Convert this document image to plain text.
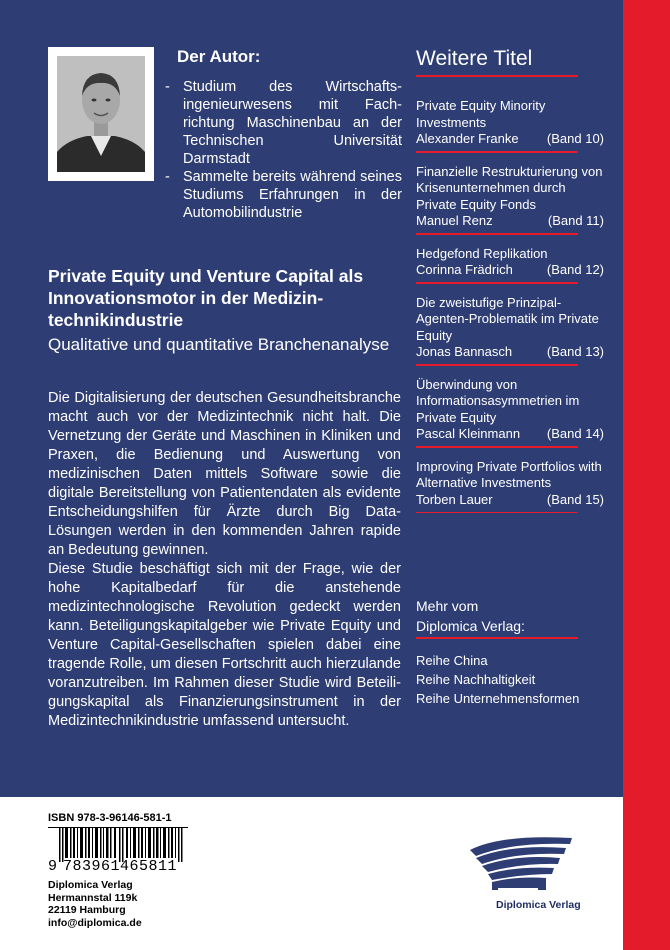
Der Autor:
- Studium des Wirtschaftsingenieurwesens mit Fachrichtung Maschinenbau an der Technischen Universität Darmstadt
- Sammelte bereits während seines Studiums Erfahrungen in der Automobilindustrie
Private Equity und Venture Capital als Innovationsmotor in der Medizintechnikindustrie

Qualitative und quantitative Branchenanalyse

Die Digitalisierung der deutschen Gesundheitsbranche macht auch vor der Medizintechnik nicht halt. Die Vernetzung der Geräte und Maschinen in Kliniken und Praxen, die Bedienung und Auswertung von medizinischen Daten mittels Software sowie die digitale Bereitstellung von Patientendaten als evidente Entscheidungshilfen für Ärzte durch Big Data-Lösungen werden in den kommenden Jahren rapide an Bedeutung gewinnen.

Diese Studie beschäftigt sich mit der Frage, wie der hohe Kapitalbedarf für die anstehende medizintechnologische Revolution gedeckt werden kann. Beteiligungskapitalgeber wie Private Equity und Venture Capital-Gesellschaften spielen dabei eine tragende Rolle, um diesen Fortschritt auch hierzulande voranzutreiben. Im Rahmen dieser Studie wird Beteiligungskapital als Finanzierungsinstrument in der Medizintechnikindustrie umfassend untersucht.

Weitere Titel
Private Equity Minority Investments
Alexander Franke (Band 10)
Finanzielle Restrukturierung von Krisenunternehmen durch Private Equity Fonds
Manuel Renz	(Band 11)
Hedgefond Replikation
Corinna Frädrich	(Band 12)
Die zweistufige Prinzipal-Agenten-Problematik im Private Equity
Jonas Bannasch	(Band 13)
Überwindung von Informationsasymmetrien im Private Equity
Pascal Kleinmann (Band 14)
Improving Private Portfolios with Alternative Investments
Torben Lauer	(Band 15)
Mehr vom
Diplomica Verlag:
Reihe China
Reihe Nachhaltigkeit
Reihe Unternehmensformen

ISBN 978-3-96146-581-1

9 783961 465811

Diplomica Verlag
Hermannstal 119k
22119 Hamburg
info@diplomica.de

Diplomica Verlag
